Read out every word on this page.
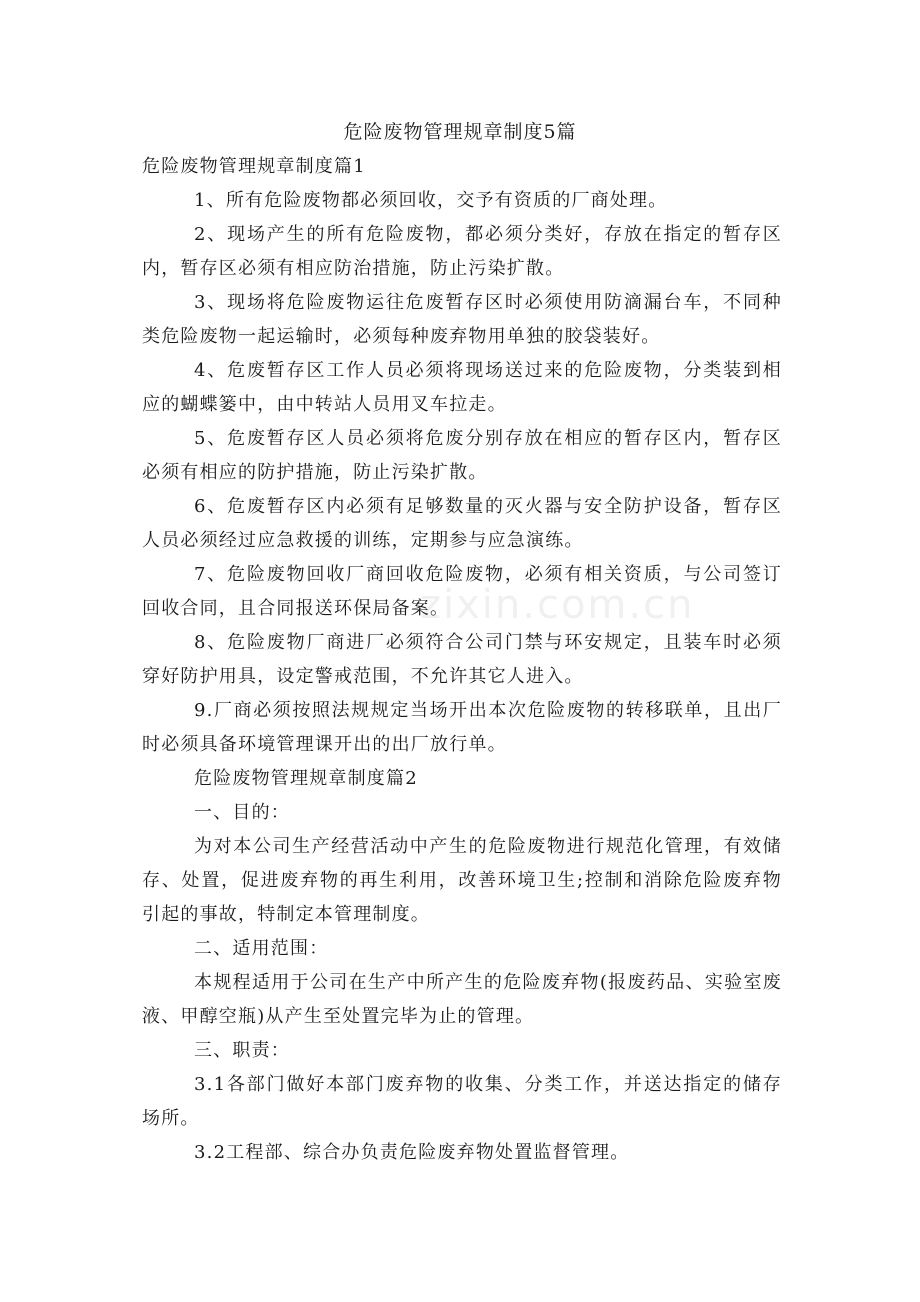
危险废物管理规章制度5篇

危险废物管理规章制度篇1

1、所有危险废物都必须回收，交予有资质的厂商处理。

2、现场产生的所有危险废物，都必须分类好，存放在指定的暂存区内，暂存区必须有相应防治措施，防止污染扩散。

3、现场将危险废物运往危废暂存区时必须使用防滴漏台车，不同种类危险废物一起运输时，必须每种废弃物用单独的胶袋装好。

4、危废暂存区工作人员必须将现场送过来的危险废物，分类装到相应的蝴蝶篓中，由中转站人员用叉车拉走。

5、危废暂存区人员必须将危废分别存放在相应的暂存区内，暂存区必须有相应的防护措施，防止污染扩散。

6、危废暂存区内必须有足够数量的灭火器与安全防护设备，暂存区人员必须经过应急救援的训练，定期参与应急演练。

7、危险废物回收厂商回收危险废物，必须有相关资质，与公司签订回收合同，且合同报送环保局备案。

8、危险废物厂商进厂必须符合公司门禁与环安规定，且装车时必须穿好防护用具，设定警戒范围，不允许其它人进入。

9.厂商必须按照法规规定当场开出本次危险废物的转移联单，且出厂时必须具备环境管理课开出的出厂放行单。

危险废物管理规章制度篇2

一、目的：

为对本公司生产经营活动中产生的危险废物进行规范化管理，有效储存、处置，促进废弃物的再生利用，改善环境卫生;控制和消除危险废弃物引起的事故，特制定本管理制度。

二、适用范围：

本规程适用于公司在生产中所产生的危险废弃物(报废药品、实验室废液、甲醇空瓶)从产生至处置完毕为止的管理。

三、职责：

3.1各部门做好本部门废弃物的收集、分类工作，并送达指定的储存场所。

3.2工程部、综合办负责危险废弃物处置监督管理。

zixin.com.cn
